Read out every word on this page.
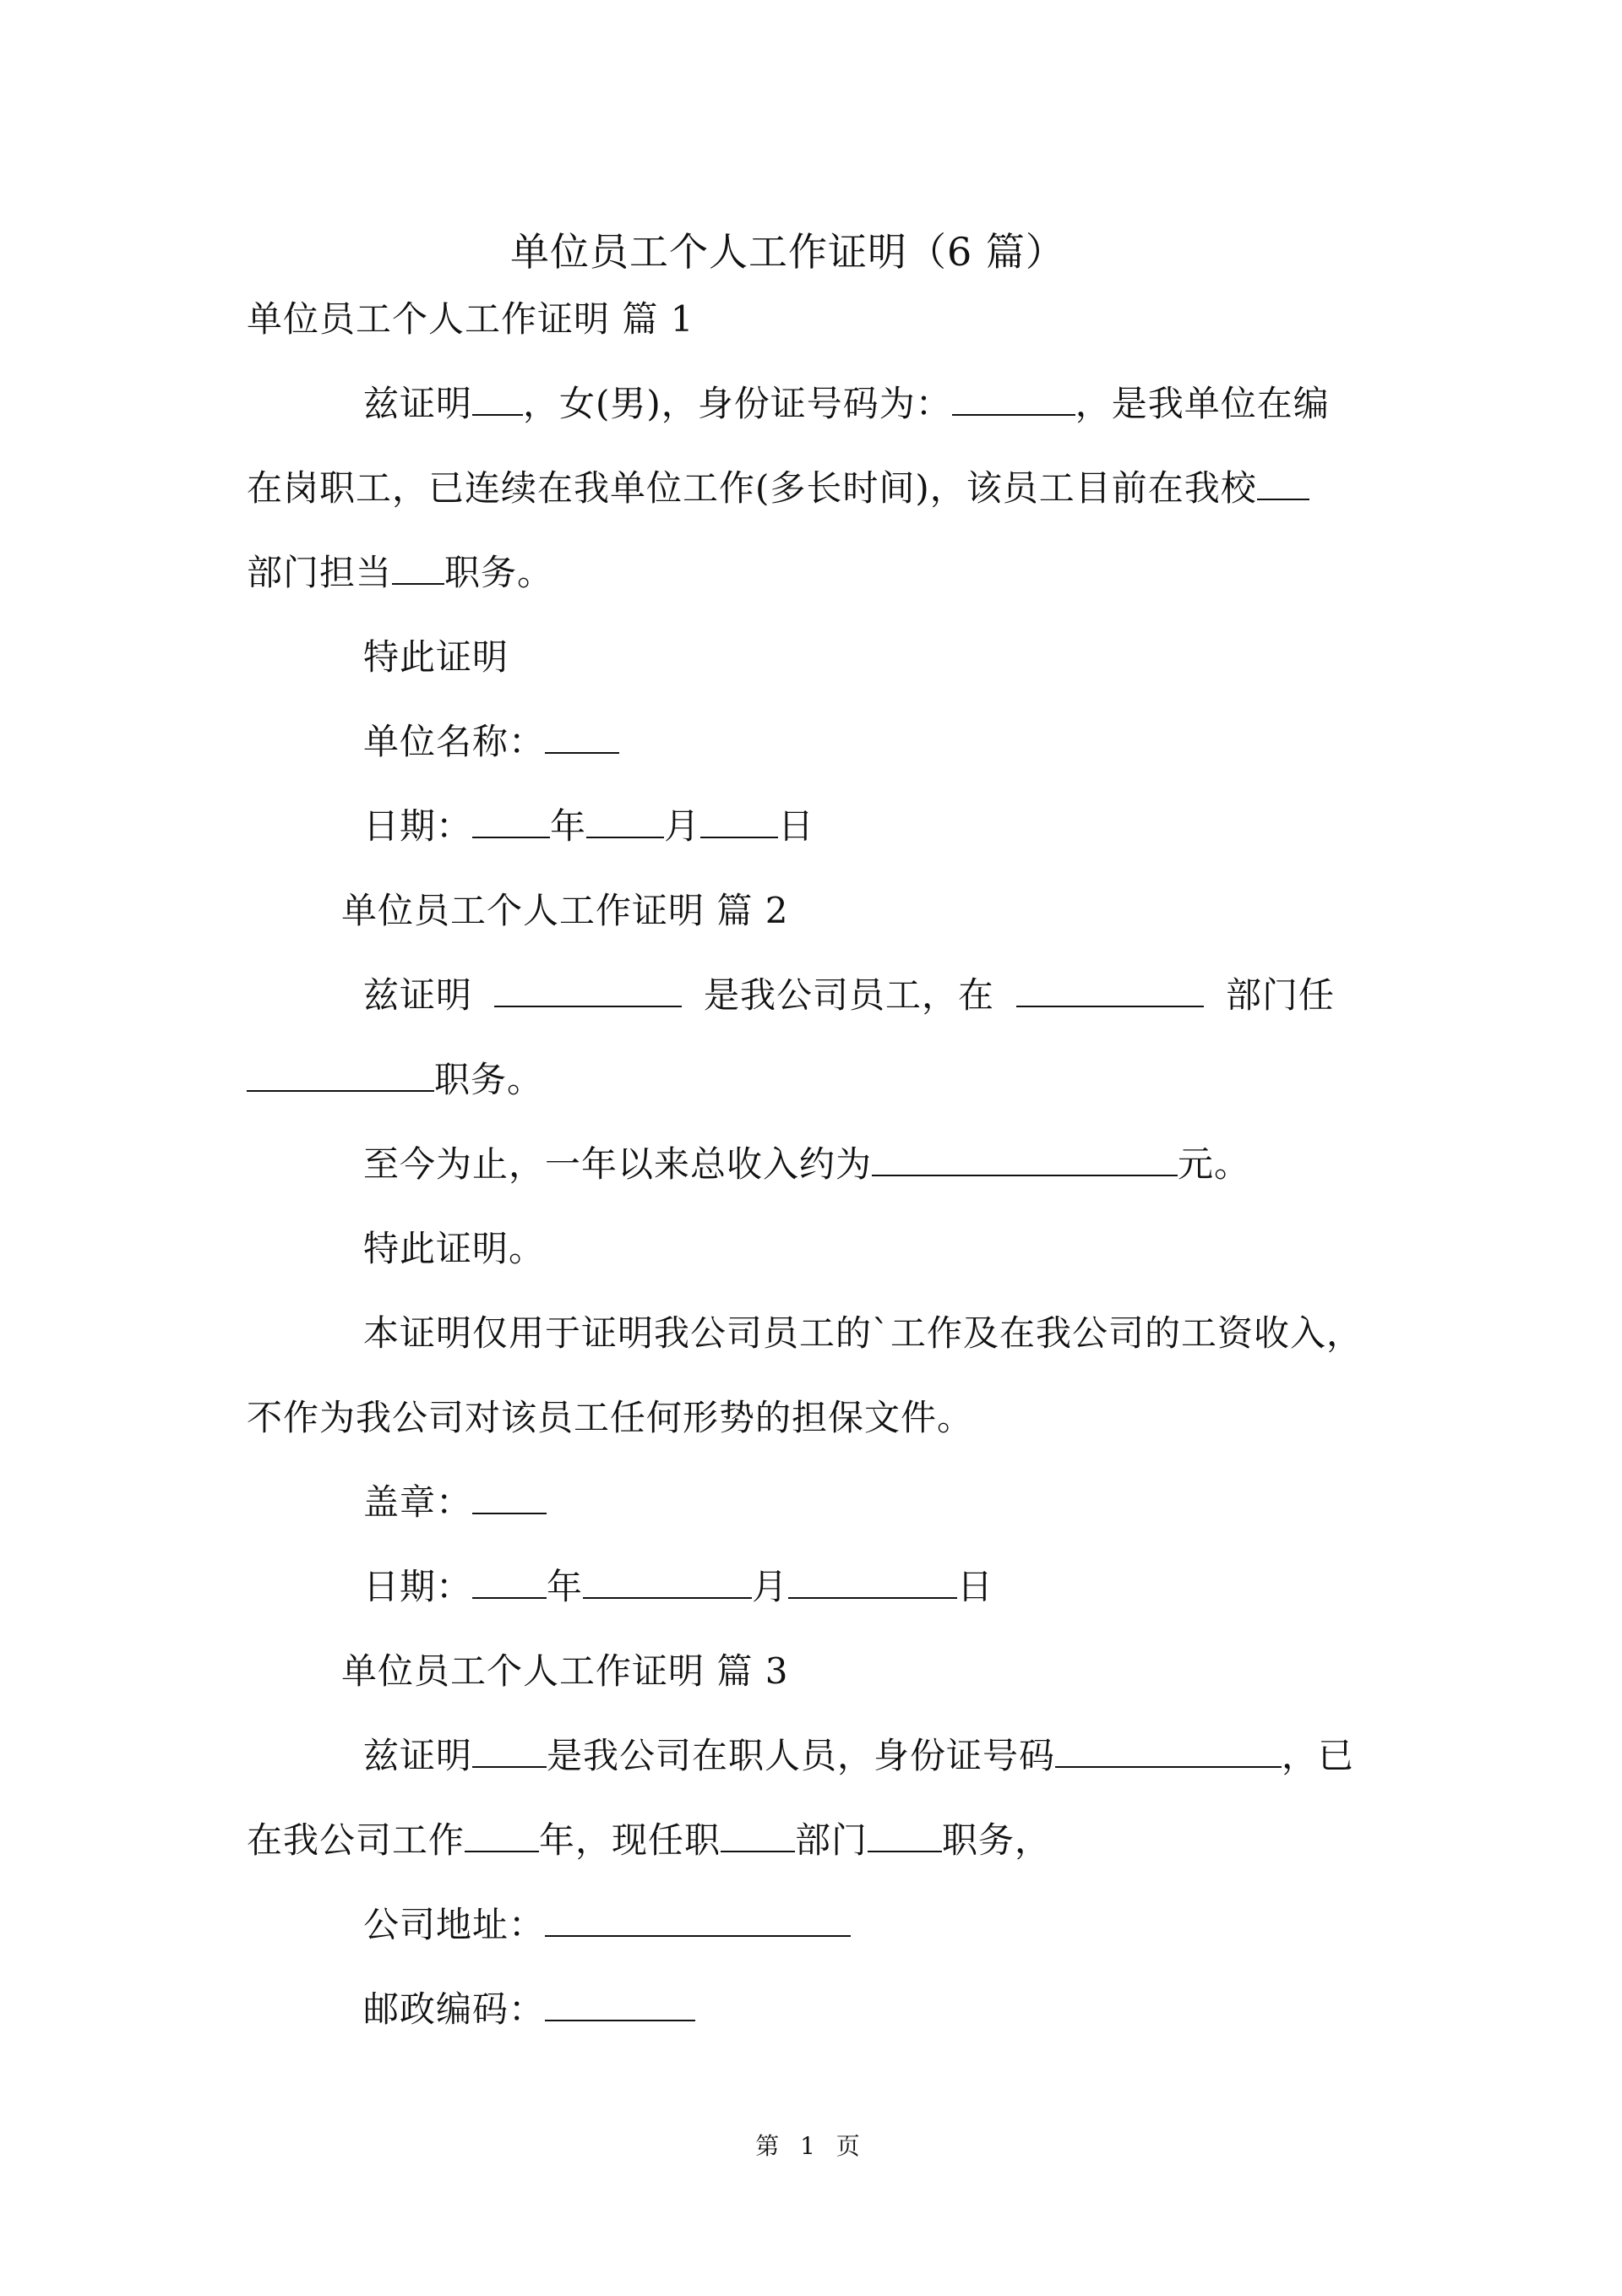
单位员工个人工作证明（6 篇）
单位员工个人工作证明 篇 1
兹证明 ，女(男)，身份证号码为：	，是我单位在编
在岗职工，已连续在我单位工作(多长时间)，该员工目前在我校
部门担当 职务。
特此证明
单位名称：
日期： 年 月 日
单位员工个人工作证明 篇 2
兹证明	是我公司员工，在	部门任
职务。
至今为止，一年以来总收入约为	元。
特此证明。
本证明仅用于证明我公司员工的`工作及在我公司的工资收入，
不作为我公司对该员工任何形势的担保文件。
盖章：
日期： 年	月	日
单位员工个人工作证明 篇 3
兹证明 是我公司在职人员，身份证号码	，已
在我公司工作 年，现任职 部门 职务，
公司地址：
邮政编码：
第 1 页
